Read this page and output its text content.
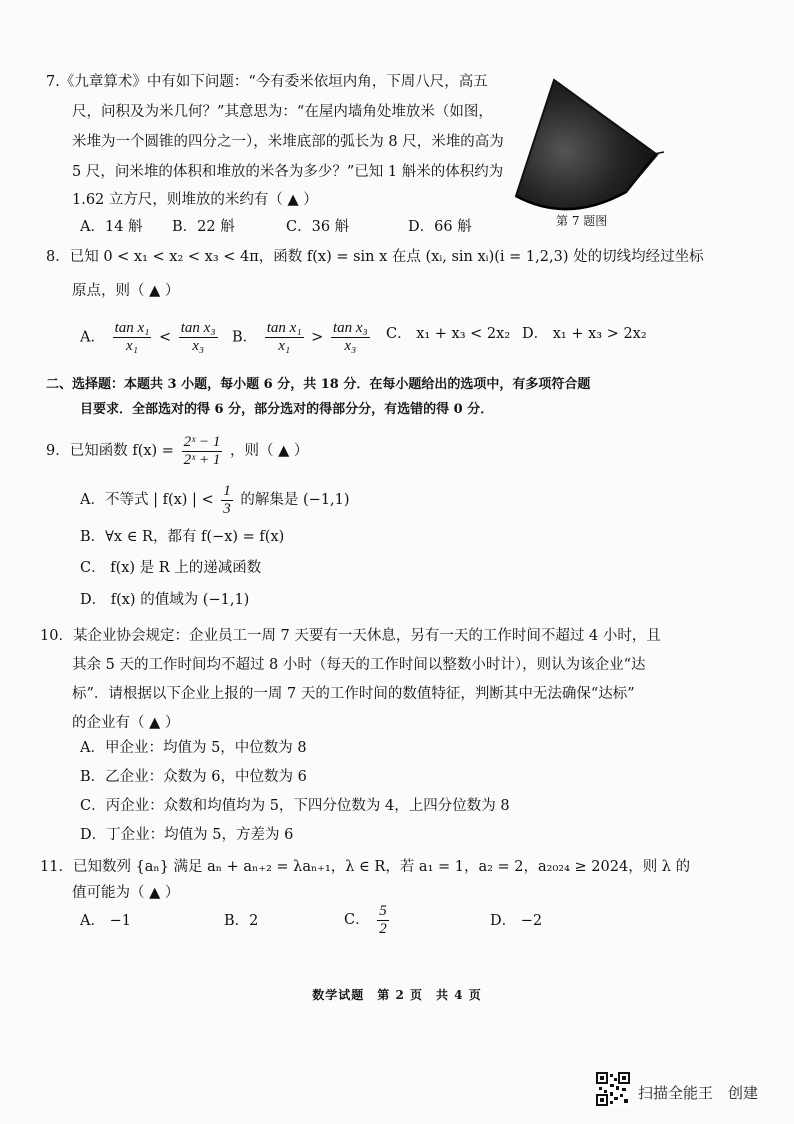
7.《九章算术》中有如下问题：“今有委米依垣内角，下周八尺，高五
尺，问积及为米几何？”其意思为：“在屋内墙角处堆放米（如图，
米堆为一个圆锥的四分之一），米堆底部的弧长为 8 尺，米堆的高为
5 尺，问米堆的体积和堆放的米各为多少？”已知 1 斛米的体积约为
1.62 立方尺，则堆放的米约有（ ▲ ）
A．14 斛 B．22 斛	C．36 斛	D．66 斛	第 7 题图
8．已知 0 < x₁ < x₂ < x₃ < 4π，函数 f(x) = sin x 在点 (xᵢ, sin xᵢ)(i = 1,2,3) 处的切线均经过坐标
原点，则（ ▲ ）
A． $\frac{\text{tan x₁}}{\text{x₁}} < \frac{\text{tan x₃}}{\text{x₃}}$ B． $\frac{\text{tan x₁}}{\text{x₁}} > \frac{\text{tan x₃}}{\text{x₃}}$ C． x₁ + x₃ < 2x₂ D． x₁ + x₃ > 2x₂
二、选择题：本题共 3 小题，每小题 6 分，共 18 分．在每小题给出的选项中，有多项符合题
目要求．全部选对的得 6 分，部分选对的得部分分，有选错的得 0 分．
9．已知函数 $f(x) = \frac{\text{2ˣ − 1}}{\text{2ˣ + 1}}$ ，则（ ▲ ）
A．不等式 | f(x) | < $\frac{1}{3}$ 的解集是 (−1,1)
B．∀x ∈ R，都有 f(−x) = f(x)
C． f(x) 是 R 上的递减函数
D． f(x) 的值域为 (−1,1)
10．某企业协会规定：企业员工一周 7 天要有一天休息，另有一天的工作时间不超过 4 小时，且
其余 5 天的工作时间均不超过 8 小时（每天的工作时间以整数小时计），则认为该企业“达
标”．请根据以下企业上报的一周 7 天的工作时间的数值特征，判断其中无法确保“达标”
的企业有（ ▲ ）
A．甲企业：均值为 5，中位数为 8
B．乙企业：众数为 6，中位数为 6
C．丙企业：众数和均值均为 5，下四分位数为 4，上四分位数为 8
D．丁企业：均值为 5，方差为 6
11．已知数列 {aₙ} 满足 aₙ + aₙ₊₂ = λaₙ₊₁，λ ∈ R，若 a₁ = 1，a₂ = 2，a₂₀₂₄ ≥ 2024，则 λ 的
值可能为（ ▲ ）
A． −1	B．2	C． $\frac{5}{2}$	D． −2
数学试题　第 2 页　共 4 页
扫描全能王　创建
